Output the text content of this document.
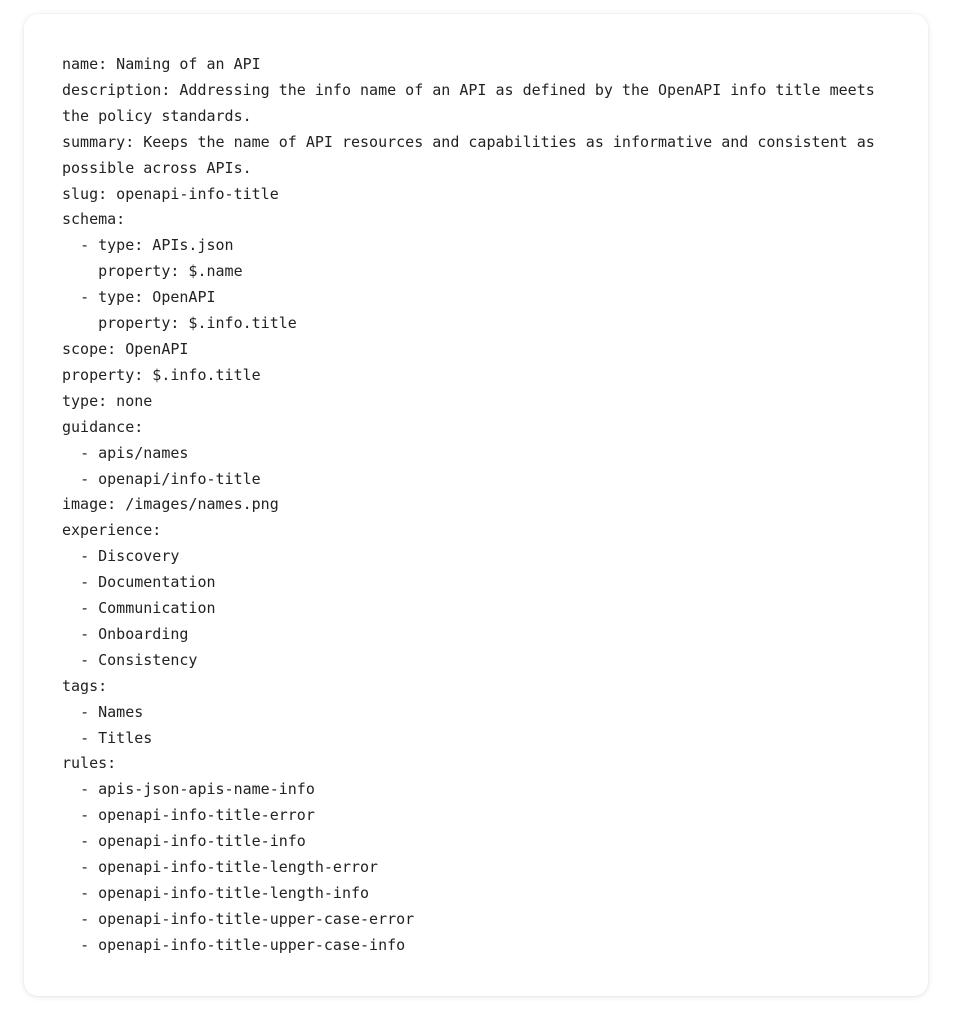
name: Naming of an API
description: Addressing the info name of an API as defined by the OpenAPI info title meets the policy standards.
summary: Keeps the name of API resources and capabilities as informative and consistent as possible across APIs.
slug: openapi-info-title
schema:
- type: APIs.json
property: $.name
- type: OpenAPI
property: $.info.title
scope: OpenAPI
property: $.info.title
type: none
guidance:
- apis/names
- openapi/info-title
image: /images/names.png
experience:
- Discovery
- Documentation
- Communication
- Onboarding
- Consistency
tags:
- Names
- Titles
rules:
- apis-json-apis-name-info
- openapi-info-title-error
- openapi-info-title-info
- openapi-info-title-length-error
- openapi-info-title-length-info
- openapi-info-title-upper-case-error
- openapi-info-title-upper-case-info
